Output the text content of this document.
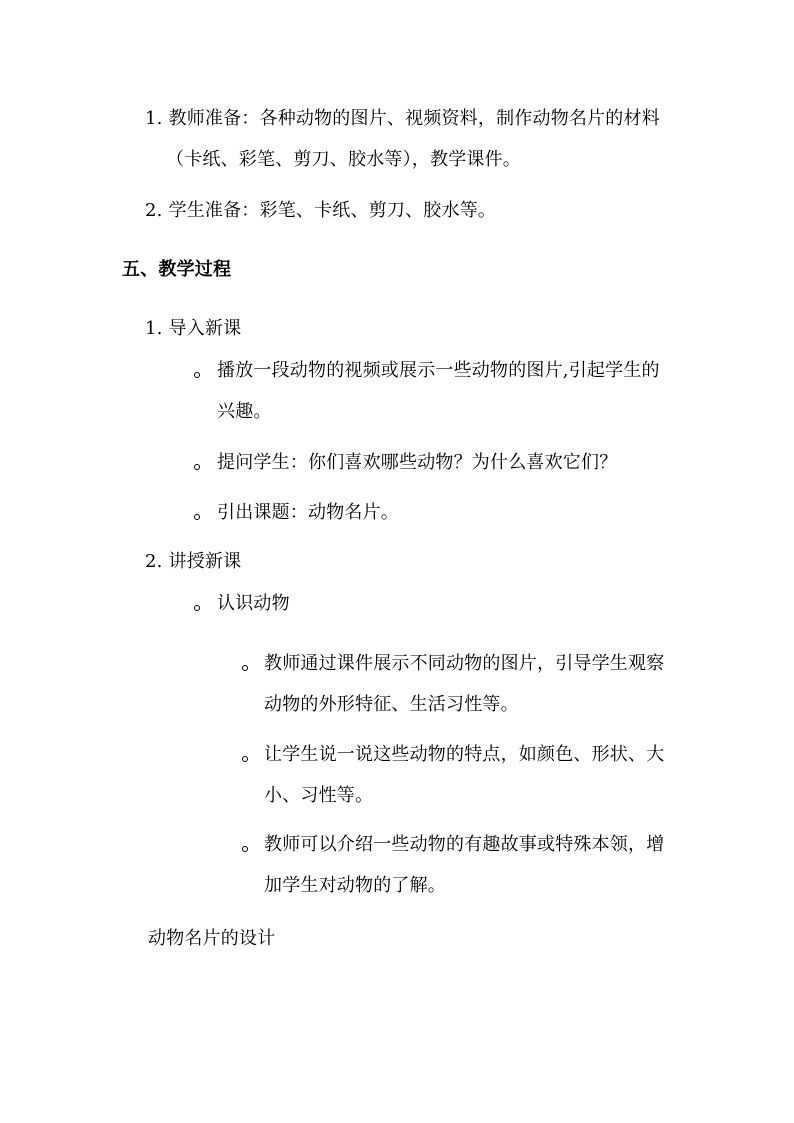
1. 教师准备：各种动物的图片、视频资料，制作动物名片的材料
（卡纸、彩笔、剪刀、胶水等），教学课件。
2. 学生准备：彩笔、卡纸、剪刀、胶水等。
五、教学过程
1. 导入新课
播放一段动物的视频或展示一些动物的图片,引起学生的
兴趣。
提问学生：你们喜欢哪些动物？为什么喜欢它们？
引出课题：动物名片。
2. 讲授新课
认识动物
教师通过课件展示不同动物的图片，引导学生观察
动物的外形特征、生活习性等。
让学生说一说这些动物的特点，如颜色、形状、大
小、习性等。
教师可以介绍一些动物的有趣故事或特殊本领，增
加学生对动物的了解。
动物名片的设计
